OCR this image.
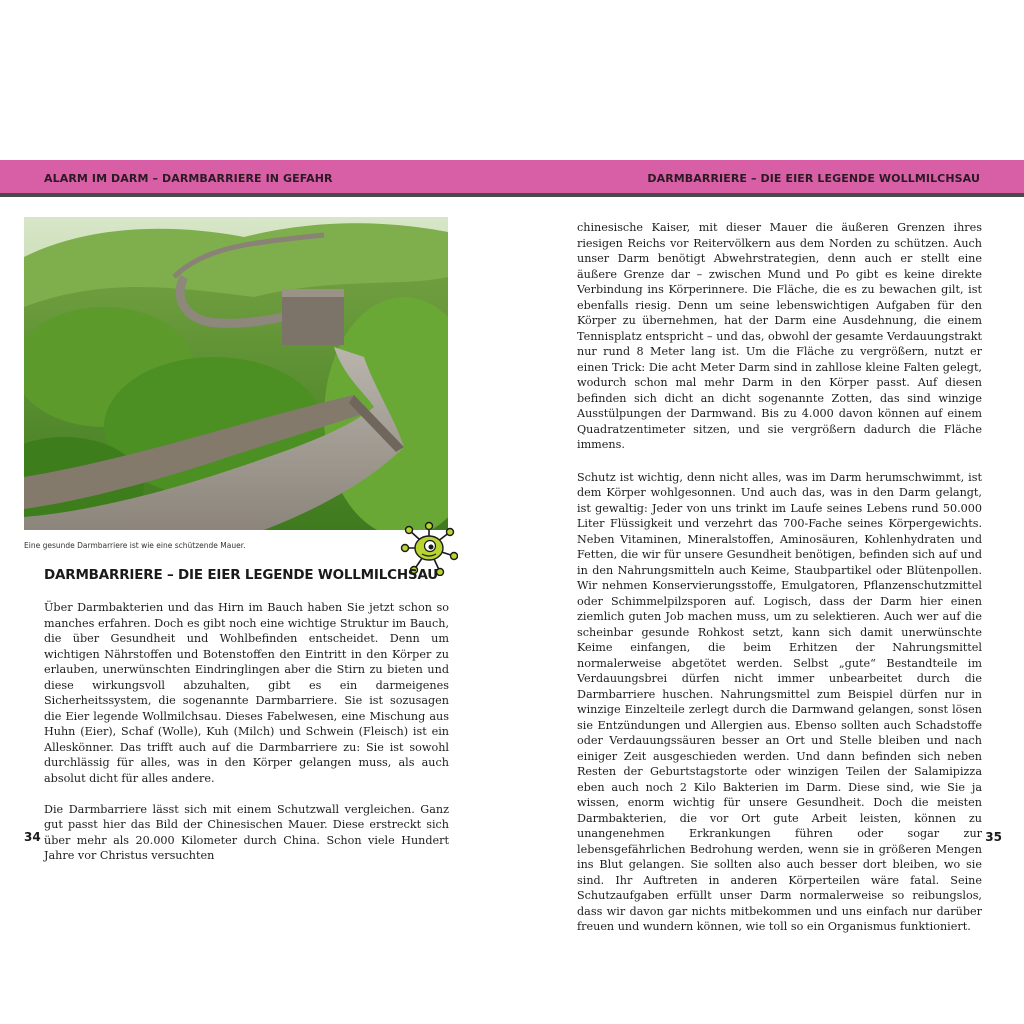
ALARM IM DARM – DARMBARRIERE IN GEFAHR	DARMBARRIERE – DIE EIER LEGENDE WOLLMILCHSAU
Eine gesunde Darmbarriere ist wie eine schützende Mauer.
DARMBARRIERE – DIE EIER LEGENDE WOLLMILCHSAU

Über Darmbakterien und das Hirn im Bauch haben Sie jetzt schon so manches erfahren. Doch es gibt noch eine wichtige Struktur im Bauch, die über Gesundheit und Wohlbefinden entscheidet. Denn um wichtigen Nährstoffen und Botenstoffen den Eintritt in den Körper zu erlauben, unerwünschten Eindringlingen aber die Stirn zu bieten und diese wirkungsvoll abzuhalten, gibt es ein darmeigenes Sicherheitssystem, die sogenannte Darmbarriere. Sie ist sozusagen die Eier legende Wollmilchsau. Dieses Fabelwesen, eine Mischung aus Huhn (Eier), Schaf (Wolle), Kuh (Milch) und Schwein (Fleisch) ist ein Alleskönner. Das trifft auch auf die Darmbarriere zu: Sie ist sowohl durchlässig für alles, was in den Körper gelangen muss, als auch absolut dicht für alles andere.

Die Darmbarriere lässt sich mit einem Schutzwall vergleichen. Ganz gut passt hier das Bild der Chinesischen Mauer. Diese erstreckt sich über mehr als 20.000 Kilometer durch China. Schon viele Hundert Jahre vor Christus versuchten

chinesische Kaiser, mit dieser Mauer die äußeren Grenzen ihres riesigen Reichs vor Reitervölkern aus dem Norden zu schützen. Auch unser Darm benötigt Abwehrstrategien, denn auch er stellt eine äußere Grenze dar – zwischen Mund und Po gibt es keine direkte Verbindung ins Körperinnere. Die Fläche, die es zu bewachen gilt, ist ebenfalls riesig. Denn um seine lebenswichtigen Aufgaben für den Körper zu übernehmen, hat der Darm eine Ausdehnung, die einem Tennisplatz entspricht – und das, obwohl der gesamte Verdauungstrakt nur rund 8 Meter lang ist. Um die Fläche zu vergrößern, nutzt er einen Trick: Die acht Meter Darm sind in zahllose kleine Falten gelegt, wodurch schon mal mehr Darm in den Körper passt. Auf diesen befinden sich dicht an dicht sogenannte Zotten, das sind winzige Ausstülpungen der Darmwand. Bis zu 4.000 davon können auf einem Quadratzentimeter sitzen, und sie vergrößern dadurch die Fläche immens.

Schutz ist wichtig, denn nicht alles, was im Darm herumschwimmt, ist dem Körper wohlgesonnen. Und auch das, was in den Darm gelangt, ist gewaltig: Jeder von uns trinkt im Laufe seines Lebens rund 50.000 Liter Flüssigkeit und verzehrt das 700-Fache seines Körpergewichts. Neben Vitaminen, Mineralstoffen, Aminosäuren, Kohlenhydraten und Fetten, die wir für unsere Gesundheit benötigen, befinden sich auf und in den Nahrungsmitteln auch Keime, Staubpartikel oder Blütenpollen. Wir nehmen Konservierungsstoffe, Emulgatoren, Pflanzenschutzmittel oder Schimmelpilzsporen auf. Logisch, dass der Darm hier einen ziemlich guten Job machen muss, um zu selektieren. Auch wer auf die scheinbar gesunde Rohkost setzt, kann sich damit unerwünschte Keime einfangen, die beim Erhitzen der Nahrungsmittel normalerweise abgetötet werden. Selbst „gute“ Bestandteile im Verdauungsbrei dürfen nicht immer unbearbeitet durch die Darmbarriere huschen. Nahrungsmittel zum Beispiel dürfen nur in winzige Einzelteile zerlegt durch die Darmwand gelangen, sonst lösen sie Entzündungen und Allergien aus. Ebenso sollten auch Schadstoffe oder Verdauungssäuren besser an Ort und Stelle bleiben und nach einiger Zeit ausgeschieden werden. Und dann befinden sich neben Resten der Geburtstagstorte oder winzigen Teilen der Salamipizza eben auch noch 2 Kilo Bakterien im Darm. Diese sind, wie Sie ja wissen, enorm wichtig für unsere Gesundheit. Doch die meisten Darmbakterien, die vor Ort gute Arbeit leisten, können zu unangenehmen Erkrankungen führen oder sogar zur lebensgefährlichen Bedrohung werden, wenn sie in größeren Mengen ins Blut gelangen. Sie sollten also auch besser dort bleiben, wo sie sind. Ihr Auftreten in anderen Körperteilen wäre fatal. Seine Schutzaufgaben erfüllt unser Darm normalerweise so reibungslos, dass wir davon gar nichts mitbekommen und uns einfach nur darüber freuen und wundern können, wie toll so ein Organismus funktioniert.

34	35
